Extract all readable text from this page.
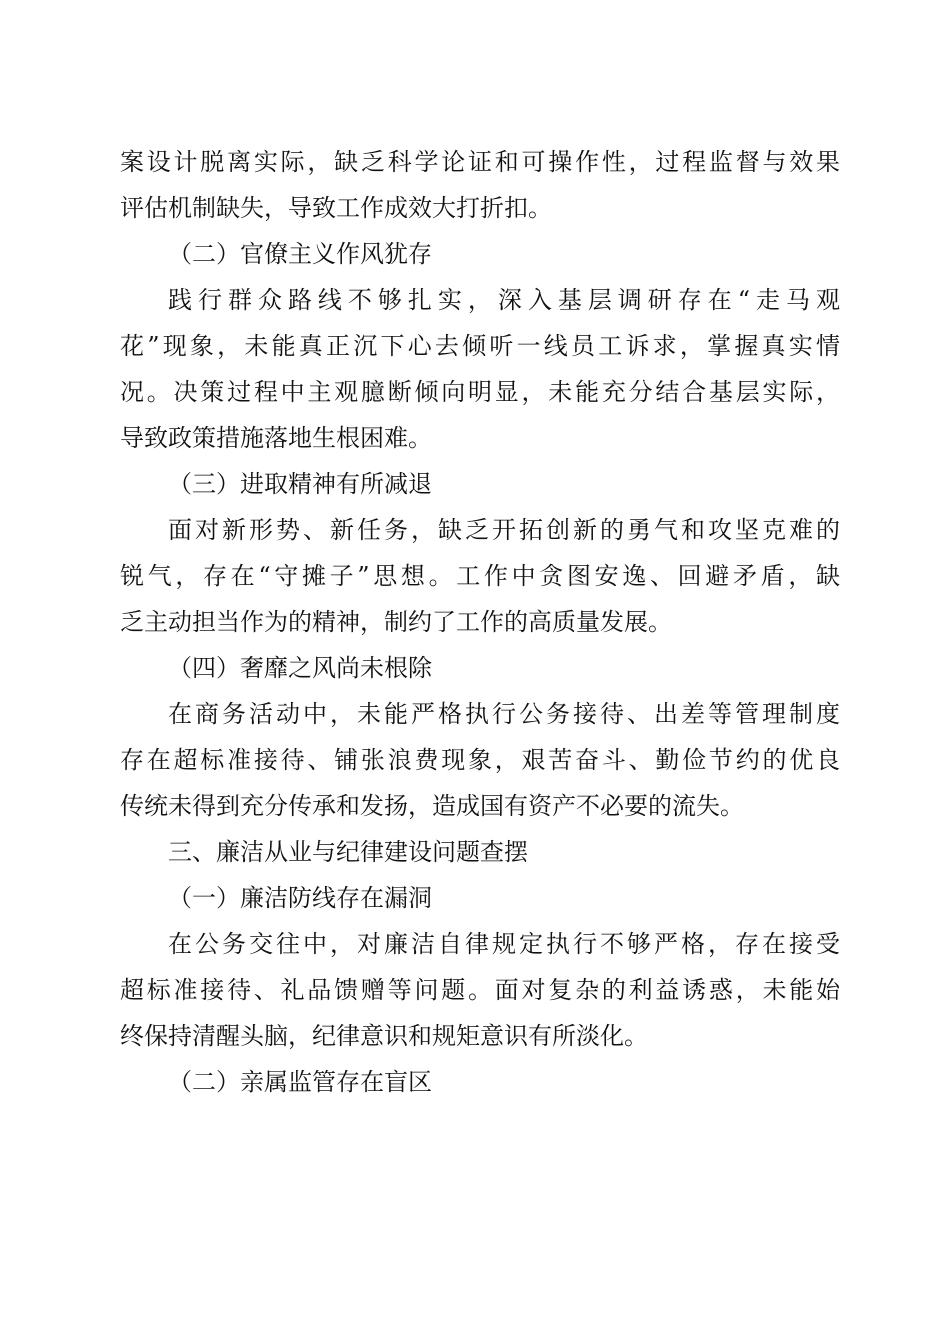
案设计脱离实际，缺乏科学论证和可操作性，过程监督与效果
评估机制缺失，导致工作成效大打折扣。
（二）官僚主义作风犹存
践行群众路线不够扎实，深入基层调研存在“走马观
花”现象，未能真正沉下心去倾听一线员工诉求，掌握真实情
况。决策过程中主观臆断倾向明显，未能充分结合基层实际，
导致政策措施落地生根困难。
（三）进取精神有所减退
面对新形势、新任务，缺乏开拓创新的勇气和攻坚克难的
锐气，存在“守摊子”思想。工作中贪图安逸、回避矛盾，缺
乏主动担当作为的精神，制约了工作的高质量发展。
（四）奢靡之风尚未根除
在商务活动中，未能严格执行公务接待、出差等管理制度
存在超标准接待、铺张浪费现象，艰苦奋斗、勤俭节约的优良
传统未得到充分传承和发扬，造成国有资产不必要的流失。
三、廉洁从业与纪律建设问题查摆
（一）廉洁防线存在漏洞
在公务交往中，对廉洁自律规定执行不够严格，存在接受
超标准接待、礼品馈赠等问题。面对复杂的利益诱惑，未能始
终保持清醒头脑，纪律意识和规矩意识有所淡化。
（二）亲属监管存在盲区
